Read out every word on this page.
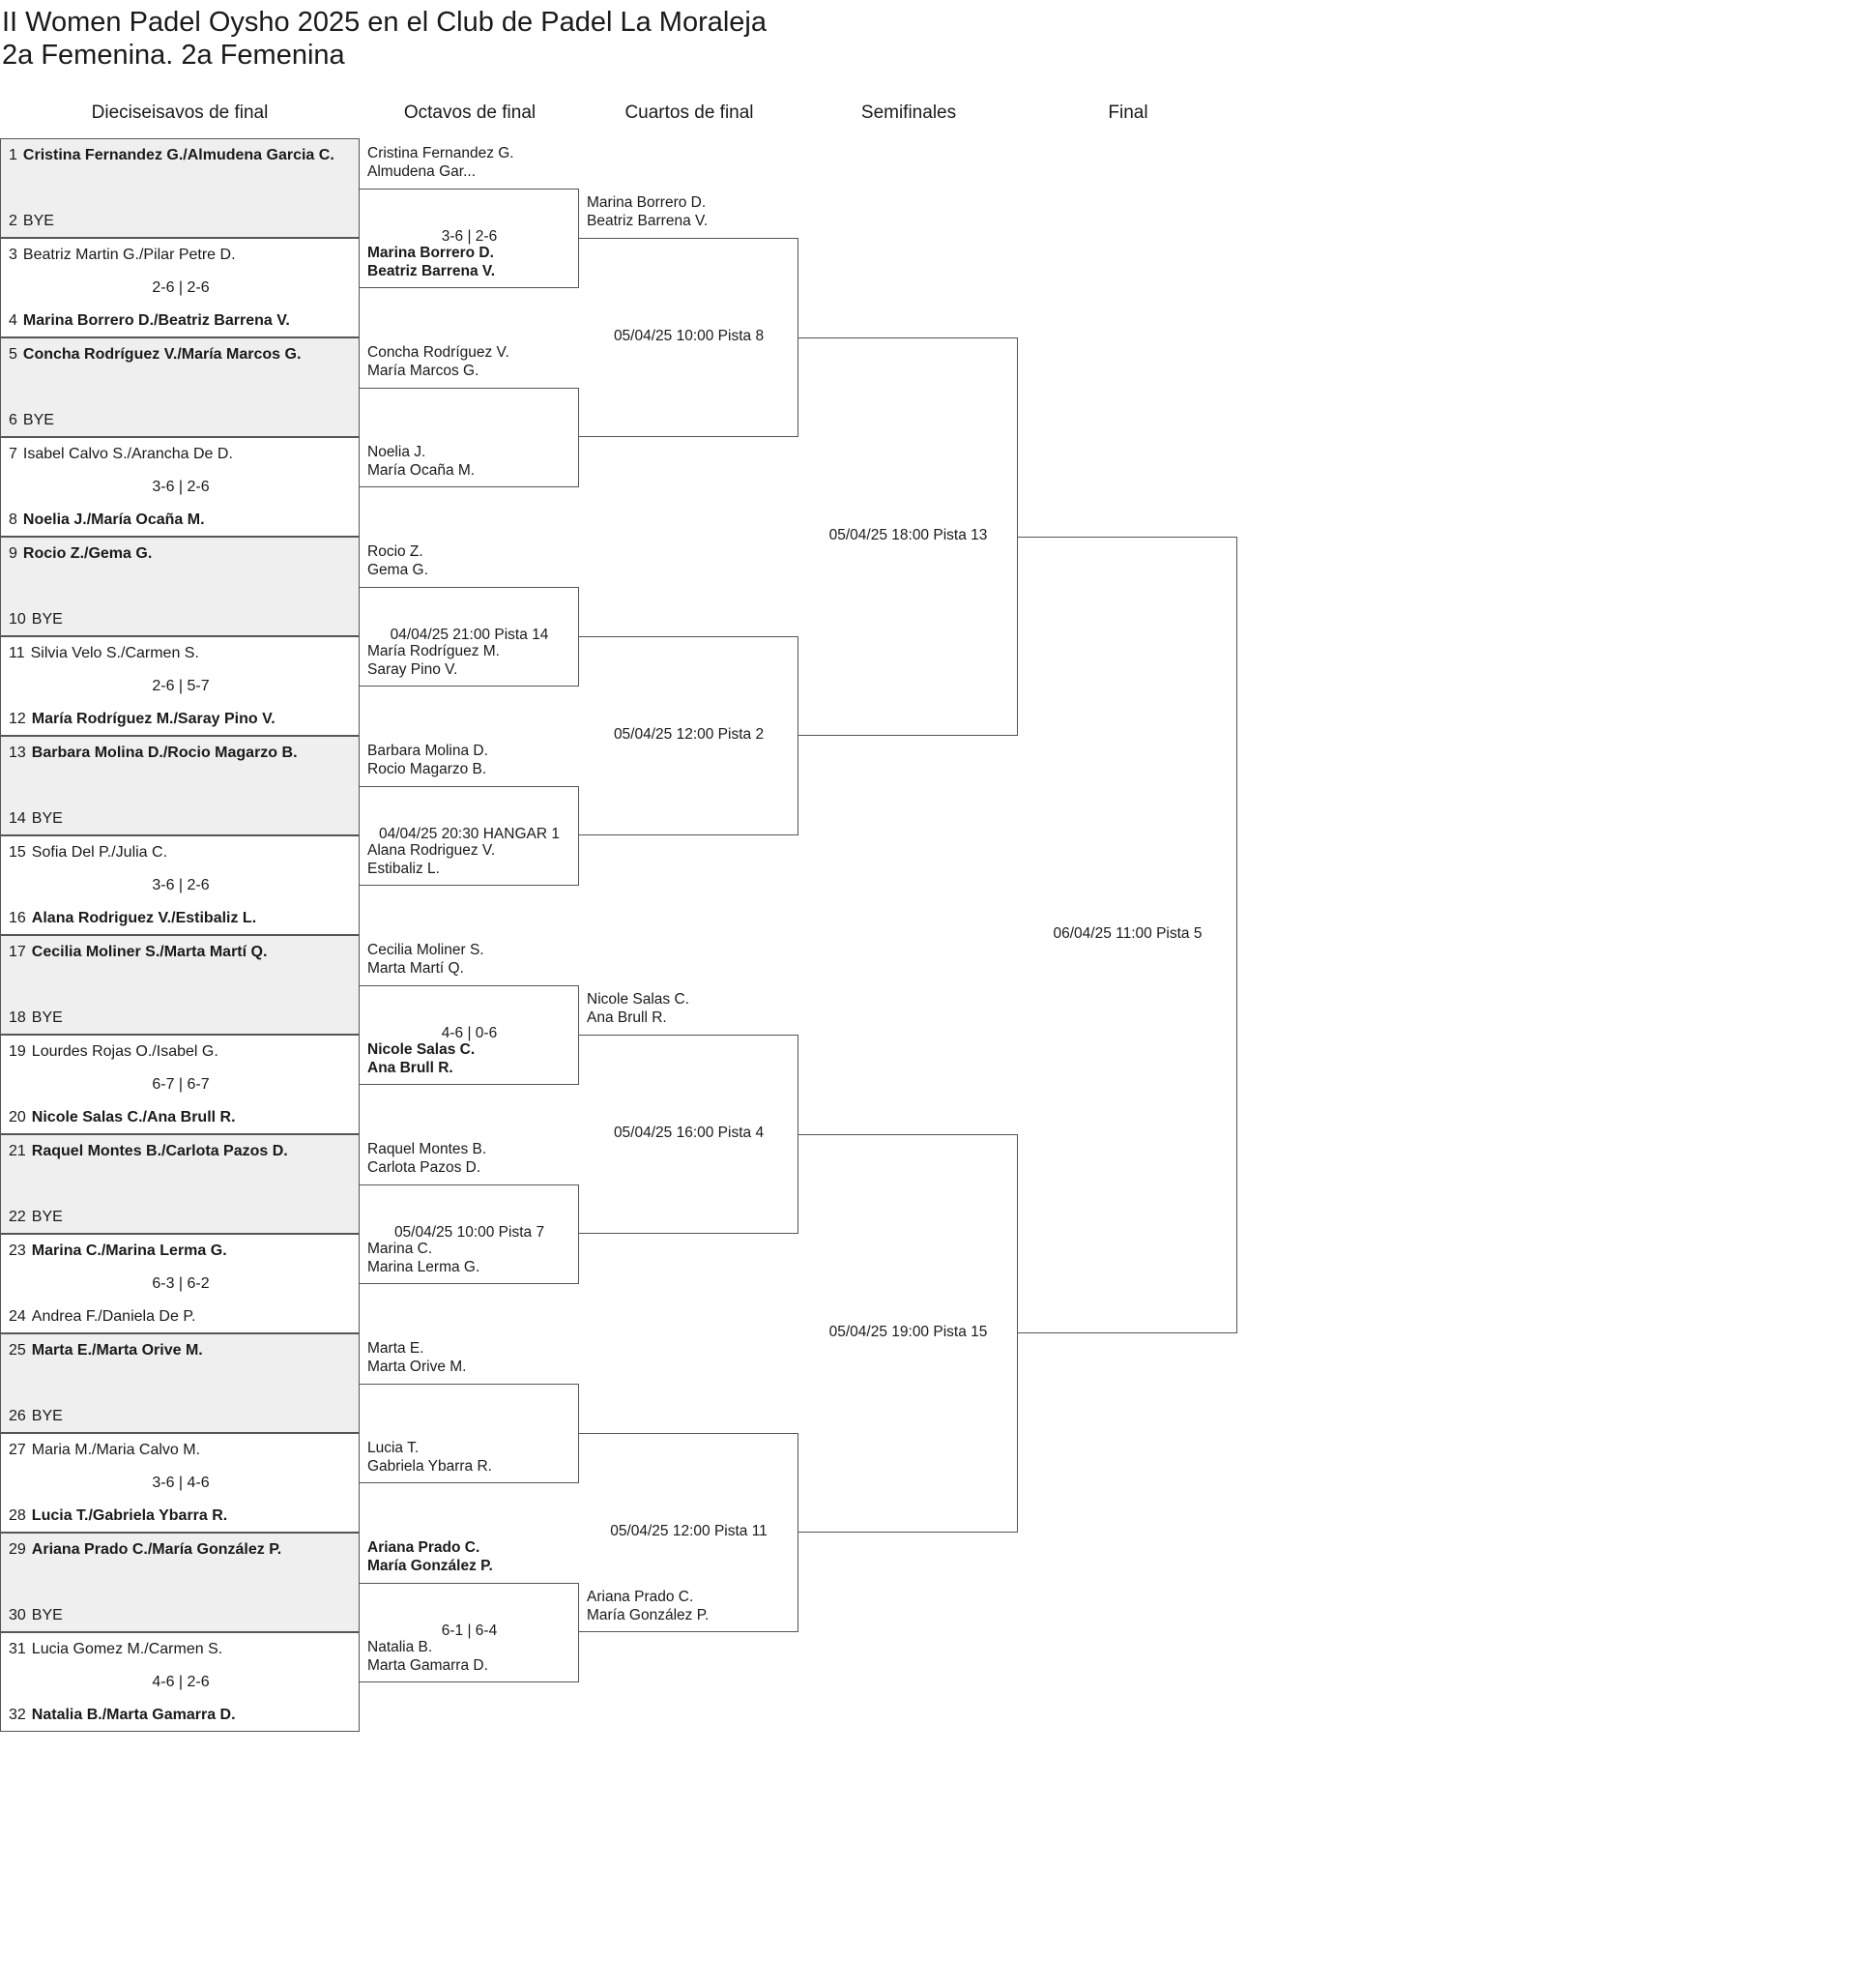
II Women Padel Oysho 2025 en el Club de Padel La Moraleja
2a Femenina. 2a Femenina
Dieciseisavos de final	Octavos de final	Cuartos de final	Semifinales	Final
1 Cristina Fernandez G./Almudena Garcia C.
2 BYE
3 Beatriz Martin G./Pilar Petre D.
4 Marina Borrero D./Beatriz Barrena V.
2-6 | 2-6
5 Concha Rodríguez V./María Marcos G.
6 BYE
7 Isabel Calvo S./Arancha De D.
8 Noelia J./María Ocaña M.
3-6 | 2-6
9 Rocio Z./Gema G.
10 BYE
11 Silvia Velo S./Carmen S.
12 María Rodríguez M./Saray Pino V.
2-6 | 5-7
13 Barbara Molina D./Rocio Magarzo B.
14 BYE
15 Sofia Del P./Julia C.
16 Alana Rodriguez V./Estibaliz L.
3-6 | 2-6
17 Cecilia Moliner S./Marta Martí Q.
18 BYE
19 Lourdes Rojas O./Isabel G.
20 Nicole Salas C./Ana Brull R.
6-7 | 6-7
21 Raquel Montes B./Carlota Pazos D.
22 BYE
23 Marina C./Marina Lerma G.
24 Andrea F./Daniela De P.
6-3 | 6-2
25 Marta E./Marta Orive M.
26 BYE
27 Maria M./Maria Calvo M.
28 Lucia T./Gabriela Ybarra R.
3-6 | 4-6
29 Ariana Prado C./María González P.
30 BYE
31 Lucia Gomez M./Carmen S.
32 Natalia B./Marta Gamarra D.
4-6 | 2-6
Cristina Fernandez G.
Almudena Gar...
Marina Borrero D.
Beatriz Barrena V.
3-6 | 2-6
Concha Rodríguez V.
María Marcos G.
Noelia J.
María Ocaña M.
Rocio Z.
Gema G.
María Rodríguez M.
Saray Pino V.
04/04/25 21:00 Pista 14
Barbara Molina D.
Rocio Magarzo B.
Alana Rodriguez V.
Estibaliz L.
04/04/25 20:30 HANGAR 1
Cecilia Moliner S.
Marta Martí Q.
Nicole Salas C.
Ana Brull R.
4-6 | 0-6
Raquel Montes B.
Carlota Pazos D.
Marina C.
Marina Lerma G.
05/04/25 10:00 Pista 7
Marta E.
Marta Orive M.
Lucia T.
Gabriela Ybarra R.
Ariana Prado C.
María González P.
Natalia B.
Marta Gamarra D.
6-1 | 6-4
Marina Borrero D.
Beatriz Barrena V.
05/04/25 10:00 Pista 8
05/04/25 12:00 Pista 2
Nicole Salas C.
Ana Brull R.
05/04/25 16:00 Pista 4
Ariana Prado C.
María González P.
05/04/25 12:00 Pista 11
05/04/25 18:00 Pista 13
05/04/25 19:00 Pista 15
06/04/25 11:00 Pista 5
